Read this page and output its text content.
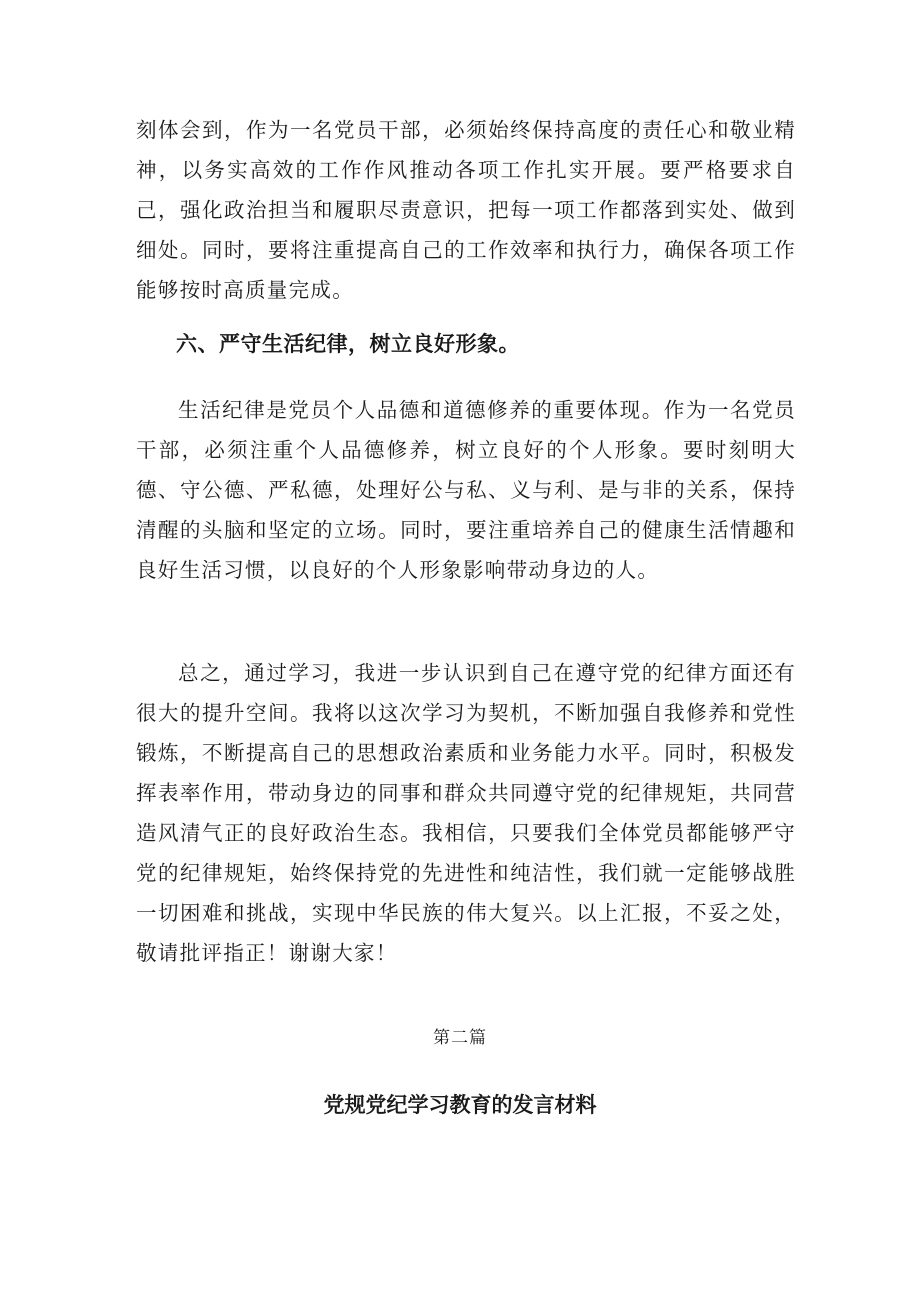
刻体会到，作为一名党员干部，必须始终保持高度的责任心和敬业精神，以务实高效的工作作风推动各项工作扎实开展。要严格要求自己，强化政治担当和履职尽责意识，把每一项工作都落到实处、做到细处。同时，要将注重提高自己的工作效率和执行力，确保各项工作能够按时高质量完成。

六、严守生活纪律，树立良好形象。

生活纪律是党员个人品德和道德修养的重要体现。作为一名党员干部，必须注重个人品德修养，树立良好的个人形象。要时刻明大德、守公德、严私德，处理好公与私、义与利、是与非的关系，保持清醒的头脑和坚定的立场。同时，要注重培养自己的健康生活情趣和良好生活习惯，以良好的个人形象影响带动身边的人。

总之，通过学习，我进一步认识到自己在遵守党的纪律方面还有很大的提升空间。我将以这次学习为契机，不断加强自我修养和党性锻炼，不断提高自己的思想政治素质和业务能力水平。同时，积极发挥表率作用，带动身边的同事和群众共同遵守党的纪律规矩，共同营造风清气正的良好政治生态。我相信，只要我们全体党员都能够严守党的纪律规矩，始终保持党的先进性和纯洁性，我们就一定能够战胜一切困难和挑战，实现中华民族的伟大复兴。以上汇报，不妥之处，敬请批评指正！谢谢大家！

第二篇

党规党纪学习教育的发言材料
